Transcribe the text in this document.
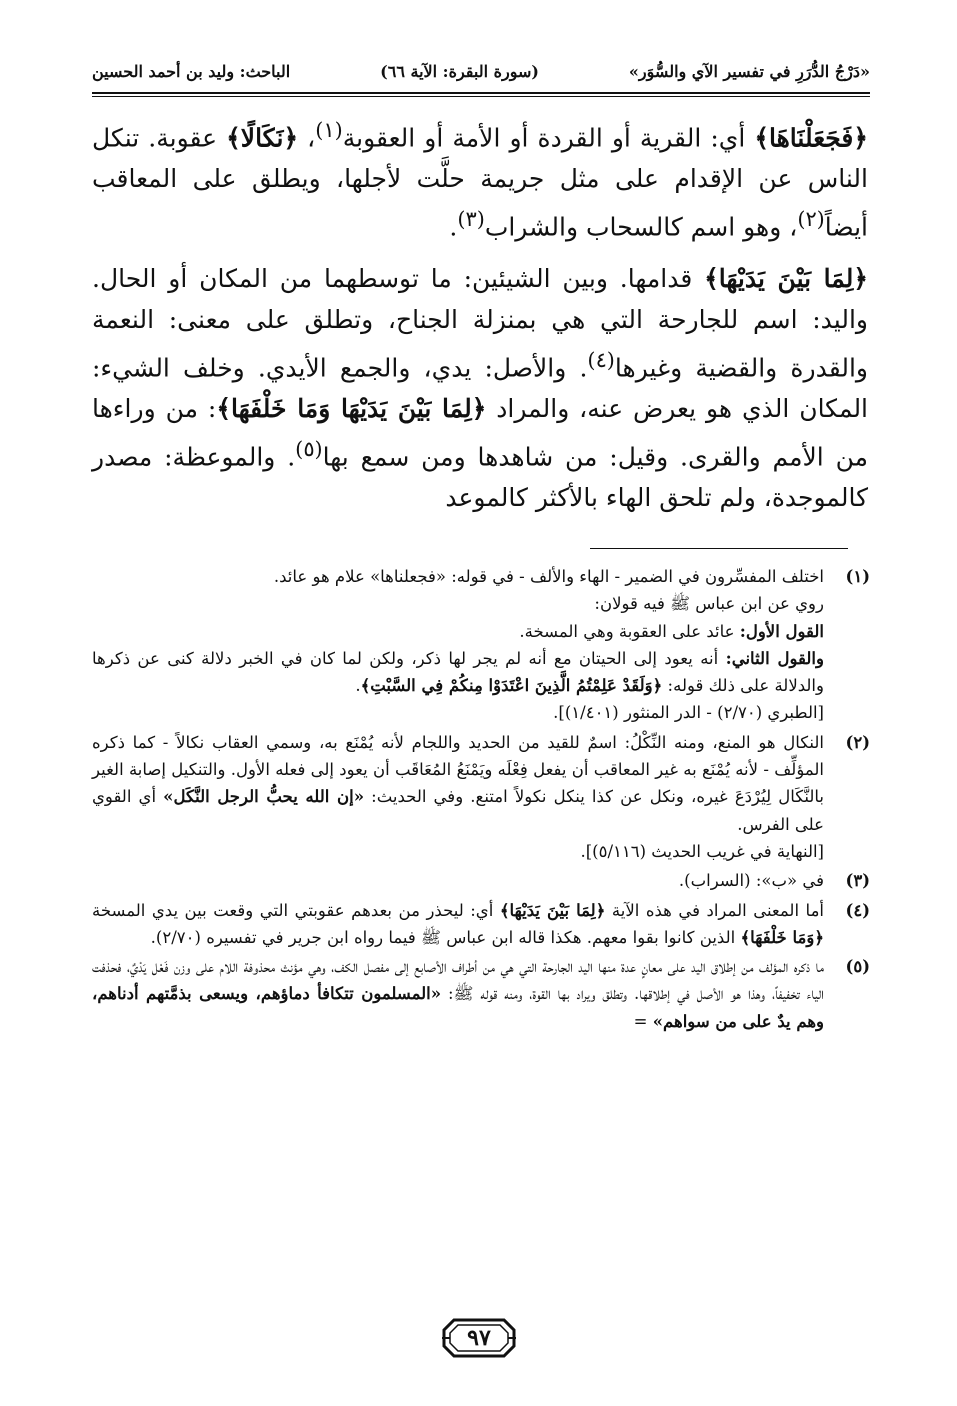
«دَرْجُ الدُّرَرِ في تفسير الآي والسُّوَر»
(سورة البقرة: الآية ٦٦)
الباحث: وليد بن أحمد الحسين

﴿فَجَعَلْنَاهَا﴾ أي: القرية أو القردة أو الأمة أو العقوبة$^{(١)}$، ﴿نَكَالًا﴾ عقوبة. تنكل الناس عن الإقدام على مثل جريمة حلَّت لأجلها، ويطلق على المعاقب أيضاً$^{(٢)}$، وهو اسم كالسحاب والشراب$^{(٣)}$.

﴿لِمَا بَيْنَ يَدَيْهَا﴾ قدامها. وبين الشيئين: ما توسطهما من المكان أو الحال. واليد: اسم للجارحة التي هي بمنزلة الجناح، وتطلق على معنى: النعمة والقدرة والقضية وغيرها$^{(٤)}$. والأصل: يدي، والجمع الأيدي. وخلف الشيء: المكان الذي هو يعرض عنه، والمراد ﴿لِمَا بَيْنَ يَدَيْهَا وَمَا خَلْفَهَا﴾: من وراءها من الأمم والقرى. وقيل: من شاهدها ومن سمع بها$^{(٥)}$. والموعظة: مصدر كالموجدة، ولم تلحق الهاء بالأكثر كالموعد

(١)

اختلف المفسِّرون في الضمير - الهاء والألف - في قوله: «فجعلناها» علام هو عائد.

روي عن ابن عباس ﷺ فيه قولان:

القول الأول: عائد على العقوبة وهي المسخة.

والقول الثاني: أنه يعود إلى الحيتان مع أنه لم يجر لها ذكر، ولكن لما كان في الخبر دلالة كنى عن ذكرها والدلالة على ذلك قوله: ﴿وَلَقَدْ عَلِمْتُمُ الَّذِينَ اعْتَدَوْا مِنكُمْ فِي السَّبْتِ﴾.

[الطبري (٢/٧٠) - الدر المنثور (١/٤٠١)].

(٢)

النكال هو المنع، ومنه النِّكْلُ: اسمٌ للقيد من الحديد واللجام لأنه يُمْنَع به، وسمي العقاب نكالاً - كما ذكره المؤلِّف - لأنه يُمْنَع به غير المعاقب أن يفعل فِعْلَه ويَمْنَعُ المُعَاقَب أن يعود إلى فعله الأول. والتنكيل إصابة الغير بالنَّكَال لِيُرْدَعَ غيره، ونكل عن كذا ينكل نكولاً امتنع. وفي الحديث: «إن الله يحبُّ الرجل النَّكَل» أي القوي على الفرس.

[النهاية في غريب الحديث (٥/١١٦)].

(٣)

في «ب»: (السراب).

(٤)

أما المعنى المراد في هذه الآية ﴿لِمَا بَيْنَ يَدَيْهَا﴾ أي: ليحذر من بعدهم عقوبتي التي وقعت بين يدي المسخة ﴿وَمَا خَلْفَهَا﴾ الذين كانوا بقوا معهم. هكذا قاله ابن عباس ﷺ فيما رواه ابن جرير في تفسيره (٢/٧٠).

(٥)

ما ذكره المؤلف من إطلاق اليد على معانٍ عدة منها اليد الجارحة التي هي من أطراف الأصابع إلى مفصل الكف، وهي مؤنث محذوفة اللام على وزن فَعْل يَدْيٌ، فحذفت الياء تخفيفاً، وهذا هو الأصل في إطلاقها. وتطلق ويراد بها القوة، ومنه قوله ﷺ: «المسلمون تتكافأ دماؤهم، ويسعى بذمَّتهم أدناهم، وهم يدٌ على من سواهم» =

٩٧
